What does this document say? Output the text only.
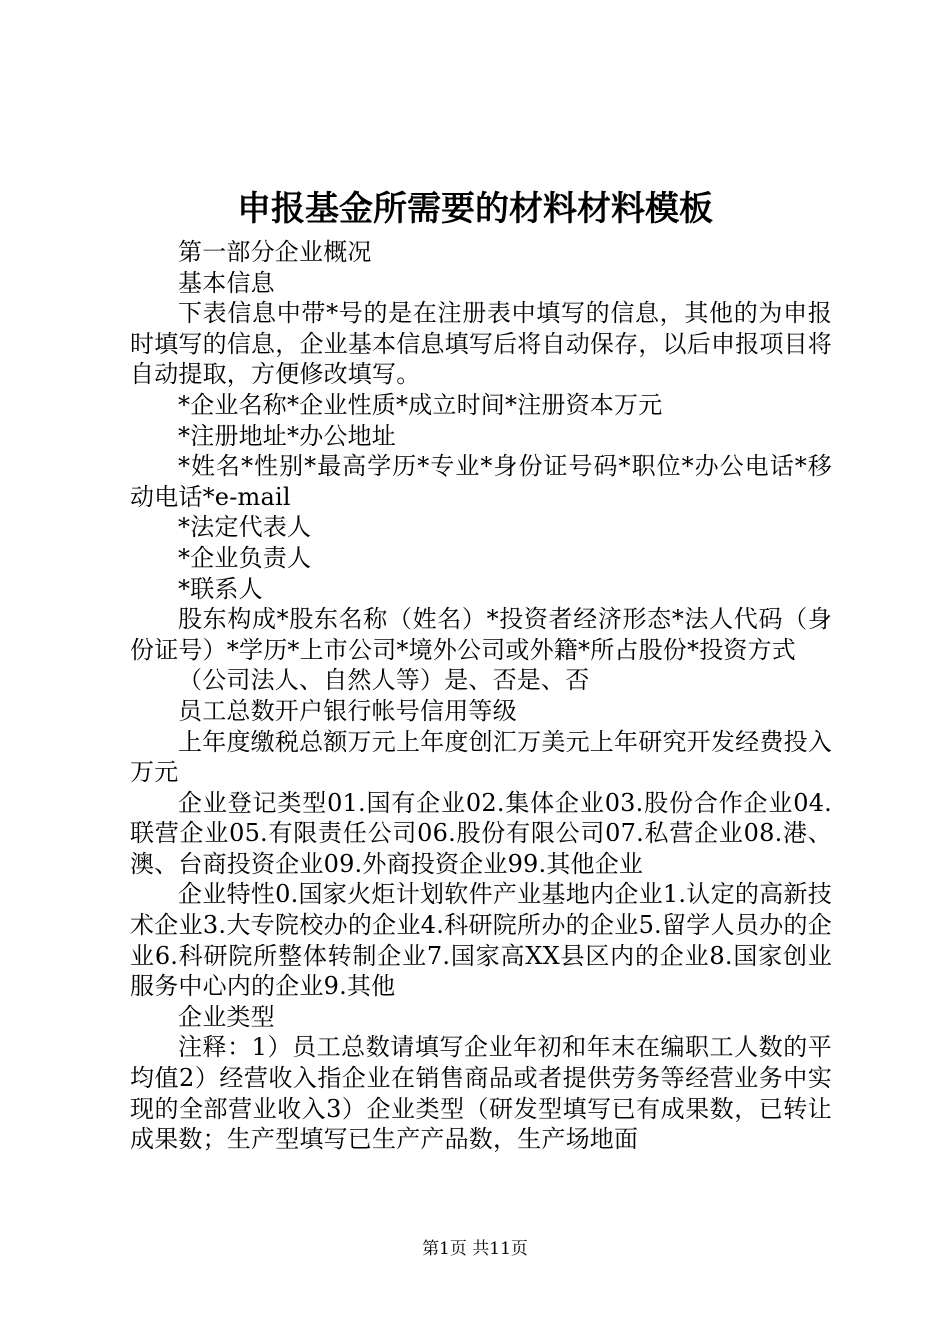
申报基金所需要的材料材料模板

第一部分企业概况

基本信息

下表信息中带*号的是在注册表中填写的信息，其他的为申报时填写的信息，企业基本信息填写后将自动保存，以后申报项目将自动提取，方便修改填写。

*企业名称*企业性质*成立时间*注册资本万元

*注册地址*办公地址

*姓名*性别*最高学历*专业*身份证号码*职位*办公电话*移动电话*e-mail

*法定代表人

*企业负责人

*联系人

股东构成*股东名称（姓名）*投资者经济形态*法人代码（身份证号）*学历*上市公司*境外公司或外籍*所占股份*投资方式

（公司法人、自然人等）是、否是、否

员工总数开户银行帐号信用等级

上年度缴税总额万元上年度创汇万美元上年研究开发经费投入万元

企业登记类型01.国有企业02.集体企业03.股份合作企业04.联营企业05.有限责任公司06.股份有限公司07.私营企业08.港、澳、台商投资企业09.外商投资企业99.其他企业

企业特性0.国家火炬计划软件产业基地内企业1.认定的高新技术企业3.大专院校办的企业4.科研院所办的企业5.留学人员办的企业6.科研院所整体转制企业7.国家高XX县区内的企业8.国家创业服务中心内的企业9.其他

企业类型

注释：1）员工总数请填写企业年初和年末在编职工人数的平均值2）经营收入指企业在销售商品或者提供劳务等经营业务中实现的全部营业收入3）企业类型（研发型填写已有成果数，已转让成果数；生产型填写已生产产品数，生产场地面

第1页 共11页
